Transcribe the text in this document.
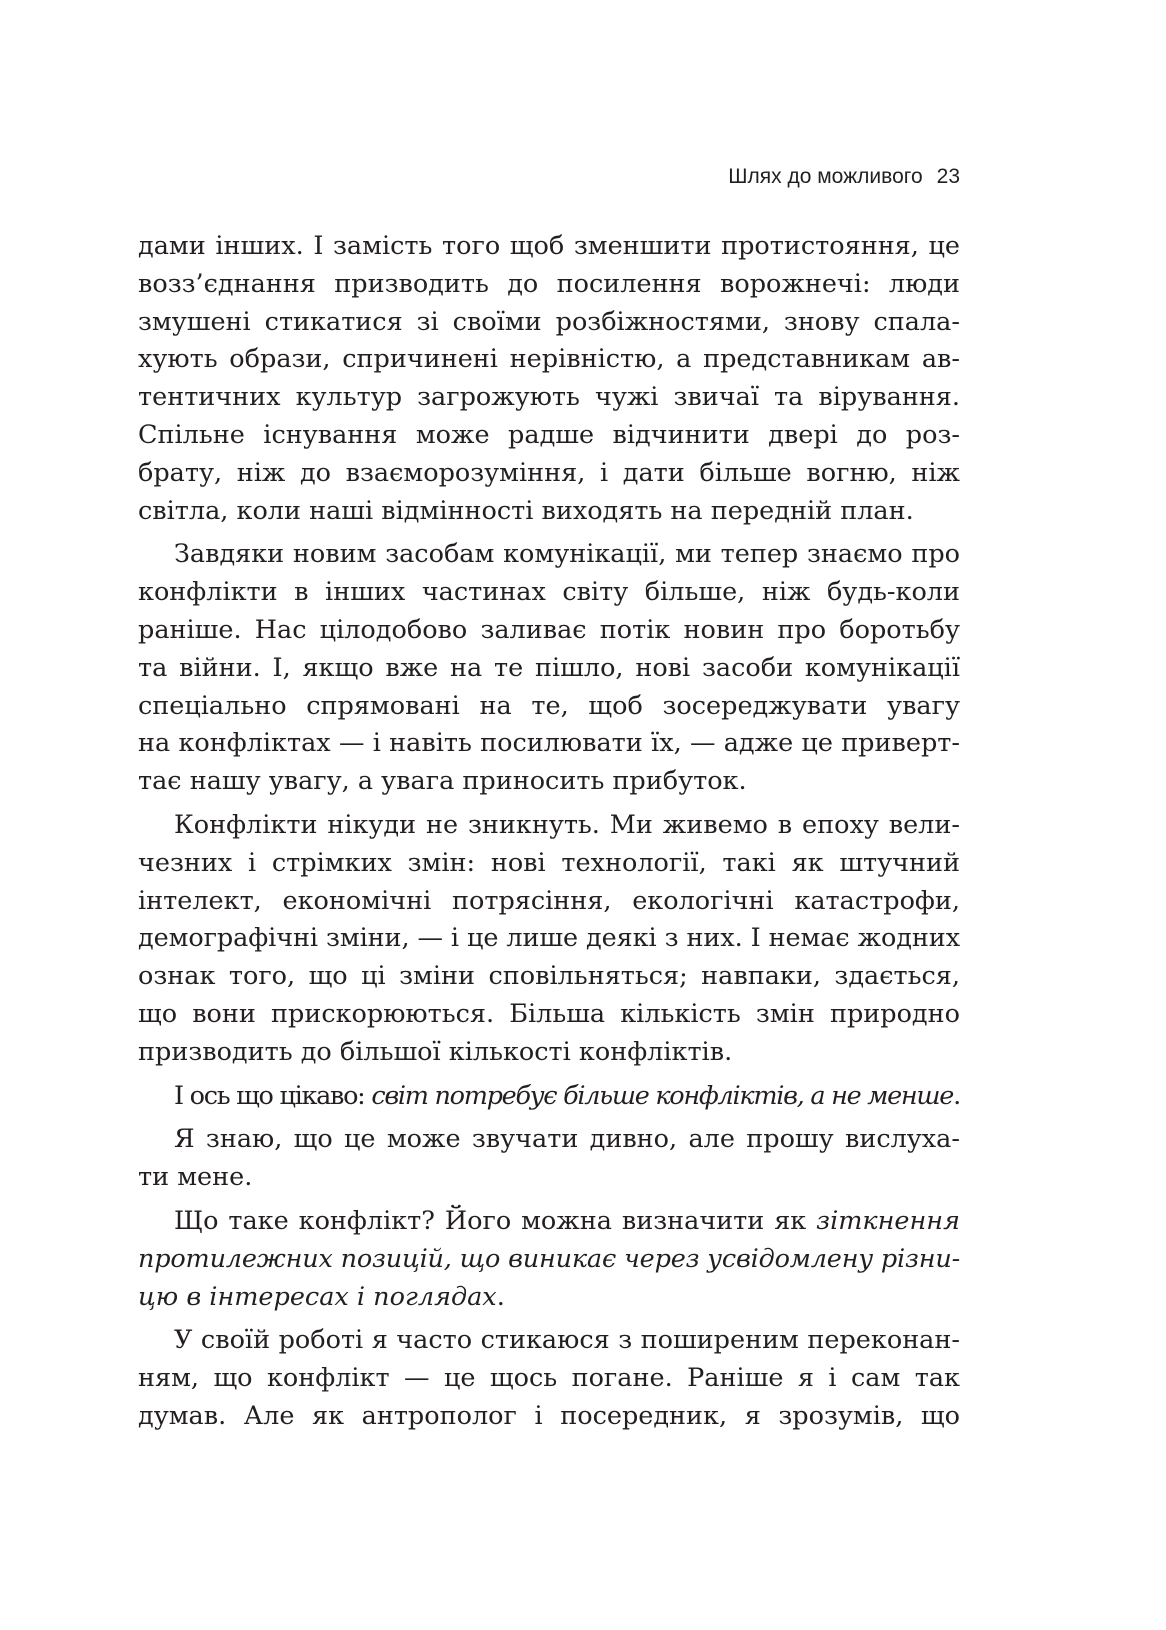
Шлях до можливого 23
дами інших. І замість того щоб зменшити протистояння, це
возз’єднання призводить до посилення ворожнечі: люди
змушені стикатися зі своїми розбіжностями, знову спала-
хують образи, спричинені нерівністю, а представникам ав-
тентичних культур загрожують чужі звичаї та вірування.
Спільне існування може радше відчинити двері до роз-
брату, ніж до взаєморозуміння, і дати більше вогню, ніж
світла, коли наші відмінності виходять на передній план.
Завдяки новим засобам комунікації, ми тепер знаємо про
конфлікти в інших частинах світу більше, ніж будь-коли
раніше. Нас цілодобово заливає потік новин про боротьбу
та війни. І, якщо вже на те пішло, нові засоби комунікації
спеціально спрямовані на те, щоб зосереджувати увагу
на конфліктах — і навіть посилювати їх, — адже це приверт-
тає нашу увагу, а увага приносить прибуток.
Конфлікти нікуди не зникнуть. Ми живемо в епоху вели-
чезних і стрімких змін: нові технології, такі як штучний
інтелект, економічні потрясіння, екологічні катастрофи,
демографічні зміни, — і це лише деякі з них. І немає жодних
ознак того, що ці зміни сповільняться; навпаки, здається,
що вони прискорюються. Більша кількість змін природно
призводить до більшої кількості конфліктів.
І ось що цікаво: світ потребує більше конфліктів, а не менше.
Я знаю, що це може звучати дивно, але прошу вислуха-
ти мене.
Що таке конфлікт? Його можна визначити як зіткнення
протилежних позицій, що виникає через усвідомлену різни-
цю в інтересах і поглядах.
У своїй роботі я часто стикаюся з поширеним переконан-
ням, що конфлікт — це щось погане. Раніше я і сам так
думав. Але як антрополог і посередник, я зрозумів, що
